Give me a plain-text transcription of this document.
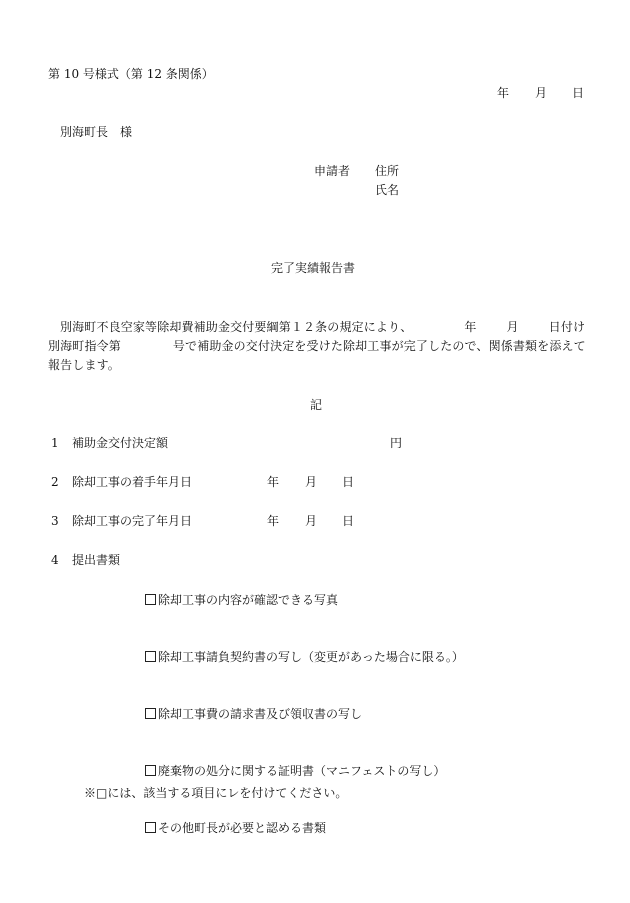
第 10 号様式（第 12 条関係）
年 月 日
別海町長 様
申請者 住所
氏名
完了実績報告書
別海町不良空家等除却費補助金交付要綱第１２条の規定により、	年	月	日付け別海町指令第	号で補助金の交付決定を受けた除却工事が完了したので、関係書類を添えて報告します。
記
1 補助金交付決定額	円
2 除却工事の着手年月日	年 月 日
3 除却工事の完了年月日	年 月 日
4 提出書類

除却工事の内容が確認できる写真

除却工事請負契約書の写し（変更があった場合に限る。）

除却工事費の請求書及び領収書の写し

廃棄物の処分に関する証明書（マニフェストの写し）

その他町長が必要と認める書類

※□には、該当する項目にレを付けてください。
